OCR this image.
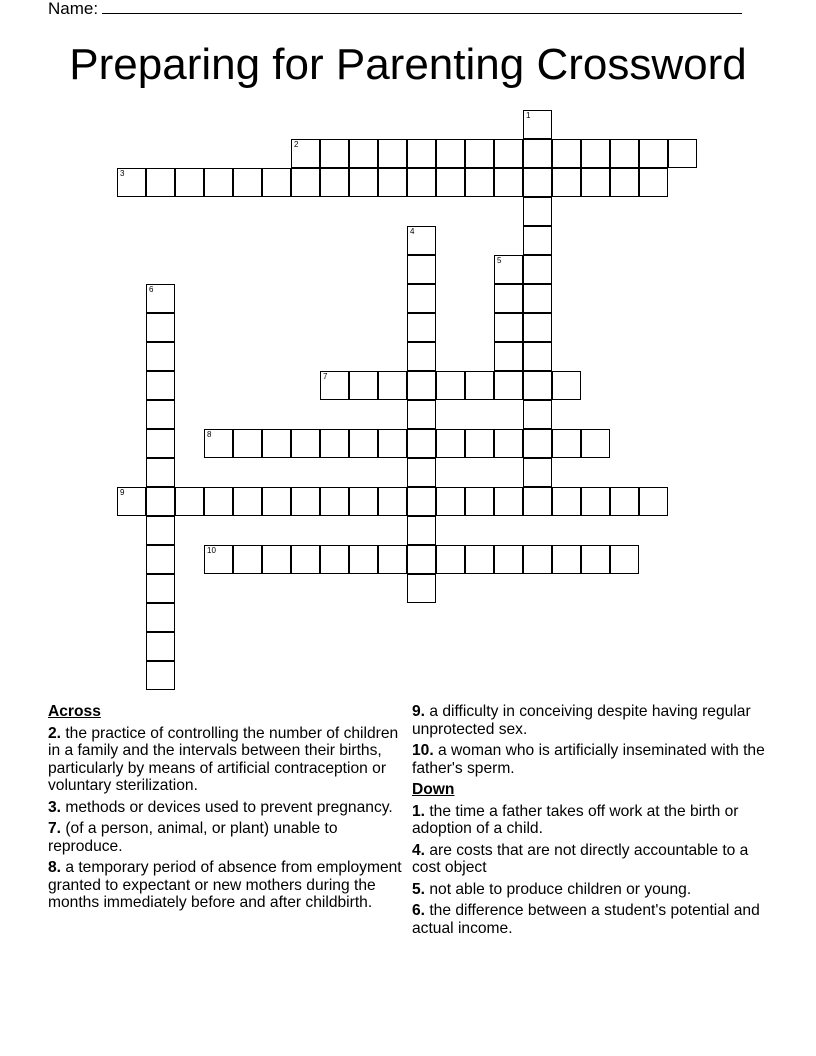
Name:
Preparing for Parenting Crossword
1
2
3
4
5
6
7
8
9
10
Across
2. the practice of controlling the number of children in a family and the intervals between their births, particularly by means of artificial contraception or voluntary sterilization.
3. methods or devices used to prevent pregnancy.
7. (of a person, animal, or plant) unable to reproduce.
8. a temporary period of absence from employment granted to expectant or new mothers during the months immediately before and after childbirth.
9. a difficulty in conceiving despite having regular unprotected sex.
10. a woman who is artificially inseminated with the father's sperm.
Down
1. the time a father takes off work at the birth or adoption of a child.
4. are costs that are not directly accountable to a cost object
5. not able to produce children or young.
6. the difference between a student's potential and actual income.
